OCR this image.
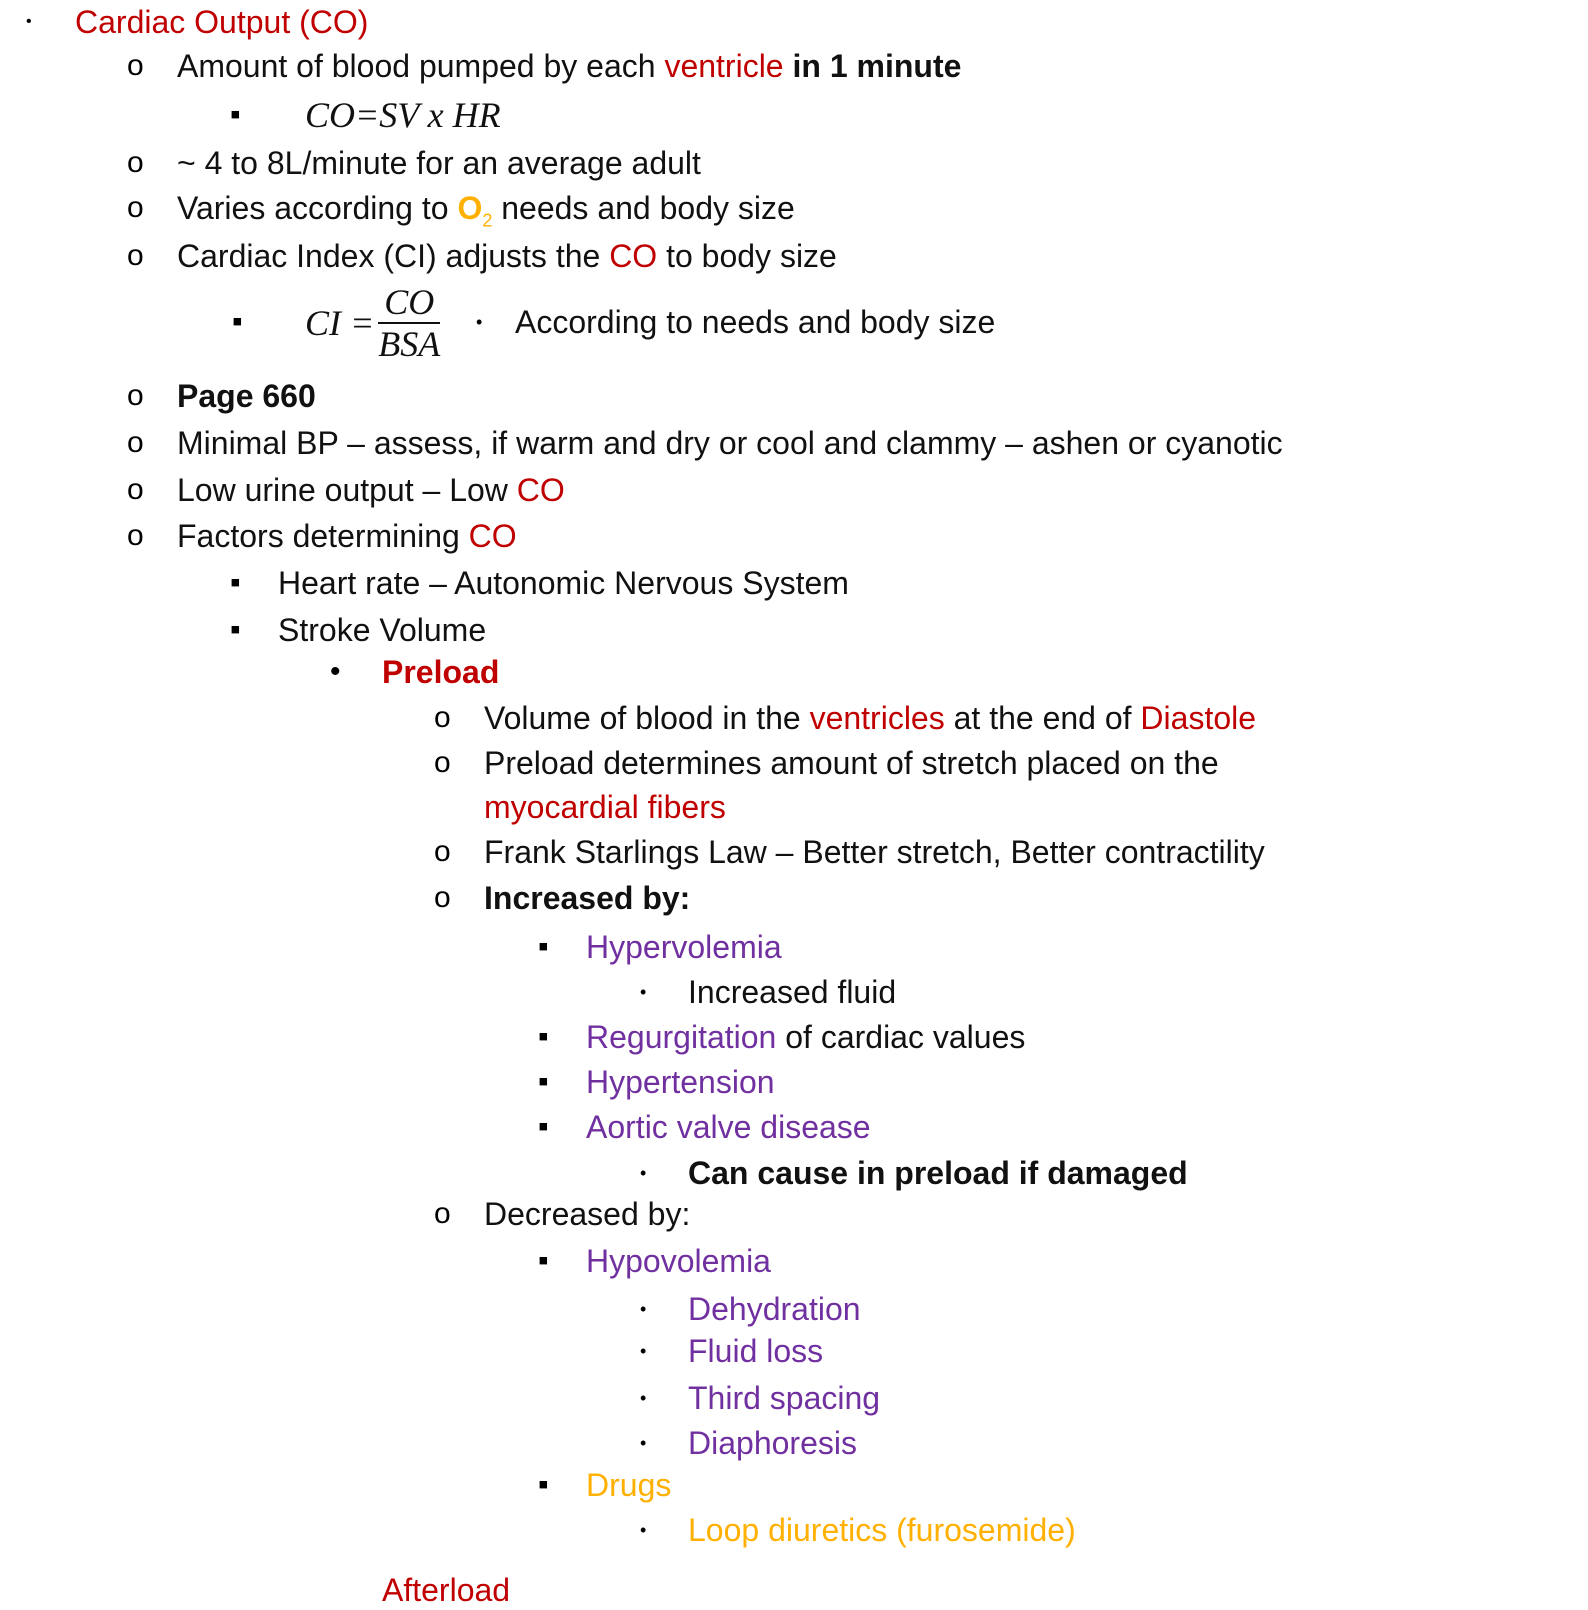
• Cardiac Output (CO)
o Amount of blood pumped by each ventricle in 1 minute
▪ CO=SV x HR
o ~ 4 to 8L/minute for an average adult
o Varies according to $O_2$ needs and body size
o Cardiac Index (CI) adjusts the CO to body size
▪ CI = $\frac{CO}{\text{BSA}}$ • According to needs and body size
o Page 660
o Minimal BP – assess, if warm and dry or cool and clammy – ashen or cyanotic
o Low urine output – Low CO
o Factors determining CO
▪ Heart rate – Autonomic Nervous System
▪ Stroke Volume
• Preload
o Volume of blood in the ventricles at the end of Diastole
o Preload determines amount of stretch placed on the
myocardial fibers
o Frank Starlings Law – Better stretch, Better contractility
o Increased by:
▪ Hypervolemia
• Increased fluid
▪ Regurgitation of cardiac values
▪ Hypertension
▪ Aortic valve disease
• Can cause in preload if damaged
o Decreased by:
▪ Hypovolemia
• Dehydration
• Fluid loss
• Third spacing
• Diaphoresis
▪ Drugs
• Loop diuretics (furosemide)
Afterload
